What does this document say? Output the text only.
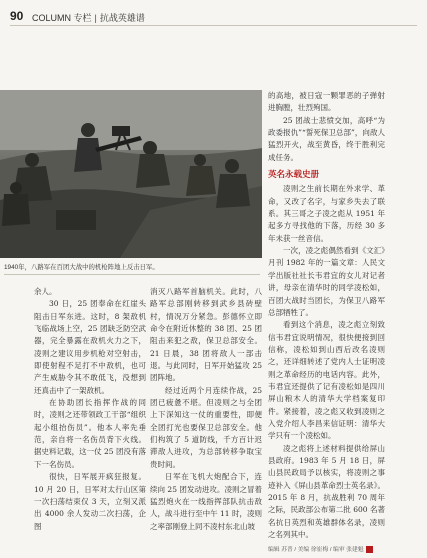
90 COLUMN 专栏 | 抗战英雄谱
1940年，八路军在百团大战中的机枪阵地上反击日军。

余人。

30 日，25 团奉命在红崖头阻击日军东进。这时，8 架敌机飞临战场上空，25 团缺乏防空武器，完全暴露在敌机火力之下，凌则之建议用步机枪对空射击，即使射程不足打不中敌机，也可产生威胁令其不敢低飞，没想到还真击中了一架敌机。

在协助团长指挥作战的同时，凌则之还带领政工干部“组织起小组抬伤员”。他本人率先垂范，亲自将一名伤员背下火线。据史料记载，这一仗 25 团没有落下一名伤员。

很快，日军展开疯狂报复。10 月 20 日，日军对太行山区第一次扫荡结束仅 3 天，立刻又派出 4000 余人发动二次扫荡，企图

消灭八路军首脑机关。此时，八路军总部刚转移到武乡县砖壁村，情况万分紧急。彭德怀立即命令在附近休整的 38 团、25 团阻击来犯之敌，保卫总部安全。21 日晨，38 团将敌人一部击退。与此同时，日军开始猛攻 25 团阵地。

经过近两个月连续作战，25 团已疲惫不堪。但凌则之与全团上下深知这一仗的重要性，即便全团打光也要保卫总部安全。他们构筑了 5 道防线，千方百计迟滞敌人进攻，为总部转移争取宝贵时间。

日军在飞机大炮配合下，连续向 25 团发动进攻。凌则之冒着猛烈炮火在一线指挥部队抗击敌人，战斗进行至中午 11 时，凌则之率部刚登上同不凌村东北山坡

的高地，被日寇一颗罪恶的子弹射进胸膛，壮烈殉国。

25 团战士悲愤交加，高呼“为政委报仇”“誓死保卫总部”，向敌人猛烈开火，战至黄昏，终于胜利完成任务。

英名永载史册

凌则之生前长期在外求学、革命，又改了名字，与家乡失去了联系。其三哥之子凌之彪从 1951 年起多方寻找他的下落，历经 30 多年未获一丝音信。

一次，凌之彪偶然看到《文汇》月刊 1982 年的一篇文章：人民文学出版社社长韦君宜的女儿对记者讲，母亲在清华时的同学凌松如，百团大战时当团长，为保卫八路军总部牺牲了。

看到这个消息，凌之彪立刻致信韦君宜说明情况，很快便接到回信称，凌松如到山西后改名凌则之，还详细转述了党内人士证明凌则之革命经历的电话内容。此外，韦君宜还提供了记有凌松如是四川屏山粮木人的清华大学档案复印件。紧接着，凌之彪又收到凌则之入党介绍人李昌来信证明：清华大学只有一个凌松如。

凌之彪将上述材料提供给屏山县政府。1983 年 5 月 18 日，屏山县民政局予以核实，将凌则之事迹补入《屏山县革命烈士英名录》。2015 年 8 月，抗战胜利 70 周年之际，民政部公布第二批 600 名著名抗日英烈和英雄群体名录，凌则之名列其中。

编辑 苏普 / 美编 徐崔梅 / 编审 张建魁
